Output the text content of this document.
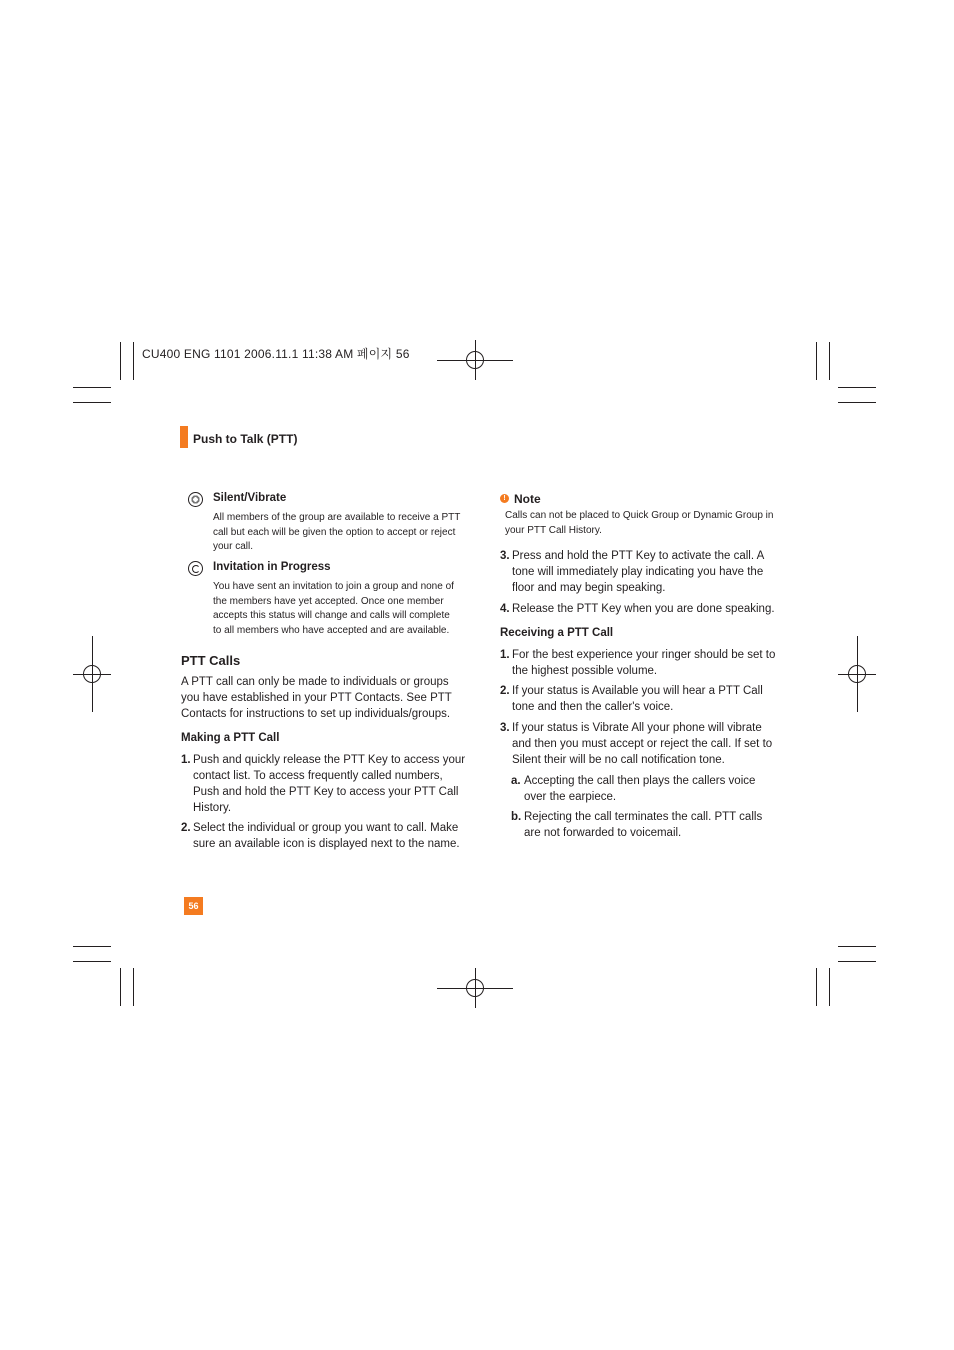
CU400 ENG 1101 2006.11.1 11:38 AM 페이지 56
Push to Talk (PTT)
Silent/Vibrate
All members of the group are available to receive a PTT
call but each will be given the option to accept or reject
your call.
Invitation in Progress
You have sent an invitation to join a group and none of
the members have yet accepted. Once one member
accepts this status will change and calls will complete
to all members who have accepted and are available.
PTT Calls
A PTT call can only be made to individuals or groups
you have established in your PTT Contacts. See PTT
Contacts for instructions to set up individuals/groups.
Making a PTT Call
1. Push and quickly release the PTT Key to access your
contact list. To access frequently called numbers,
Push and hold the PTT Key to access your PTT Call
History.
2. Select the individual or group you want to call. Make
sure an available icon is displayed next to the name.
! Note
Calls can not be placed to Quick Group or Dynamic Group in
your PTT Call History.
3. Press and hold the PTT Key to activate the call. A
tone will immediately play indicating you have the
floor and may begin speaking.
4. Release the PTT Key when you are done speaking.
Receiving a PTT Call
1. For the best experience your ringer should be set to
the highest possible volume.
2. If your status is Available you will hear a PTT Call
tone and then the caller's voice.
3. If your status is Vibrate All your phone will vibrate
and then you must accept or reject the call. If set to
Silent their will be no call notification tone.
a. Accepting the call then plays the callers voice
over the earpiece.
b. Rejecting the call terminates the call. PTT calls
are not forwarded to voicemail.
56
